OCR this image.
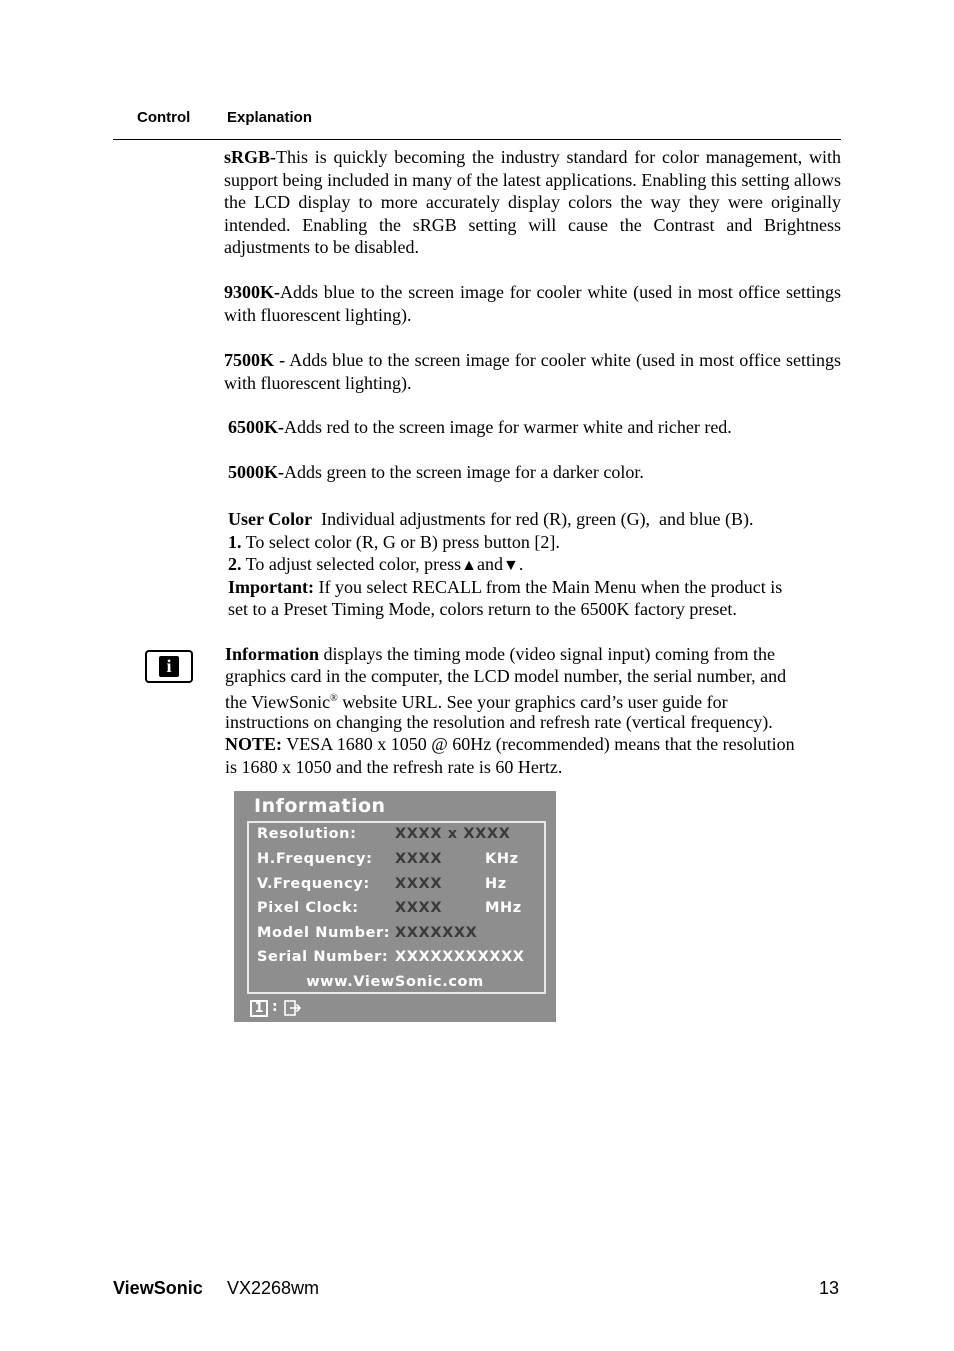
Control Explanation
sRGB-This is quickly becoming the industry standard for color management, with support being included in many of the latest applications. Enabling this setting allows the LCD display to more accurately display colors the way they were originally intended. Enabling the sRGB setting will cause the Contrast and Brightness adjustments to be disabled.
9300K-Adds blue to the screen image for cooler white (used in most office settings with fluorescent lighting).
7500K - Adds blue to the screen image for cooler white (used in most office settings with fluorescent lighting).
6500K-Adds red to the screen image for warmer white and richer red.
5000K-Adds green to the screen image for a darker color.
User Color  Individual adjustments for red (R), green (G),  and blue (B).
1. To select color (R, G or B) press button [2].
2. To adjust selected color, press▲and▼.
Important: If you select RECALL from the Main Menu when the product is
set to a Preset Timing Mode, colors return to the 6500K factory preset.
i
Information displays the timing mode (video signal input) coming from the
graphics card in the computer, the LCD model number, the serial number, and
the ViewSonic® website URL. See your graphics card’s user guide for
instructions on changing the resolution and refresh rate (vertical frequency).
NOTE: VESA 1680 x 1050 @ 60Hz (recommended) means that the resolution
is 1680 x 1050 and the refresh rate is 60 Hertz.
Information
Resolution:	XXXX x XXXX
H.Frequency: XXXX	KHz
V.Frequency: XXXX	Hz
Pixel Clock:	XXXX	MHz
Model Number: XXXXXXX
Serial Number: XXXXXXXXXXX
www.ViewSonic.com
1 :
ViewSonic VX2268wm	13
